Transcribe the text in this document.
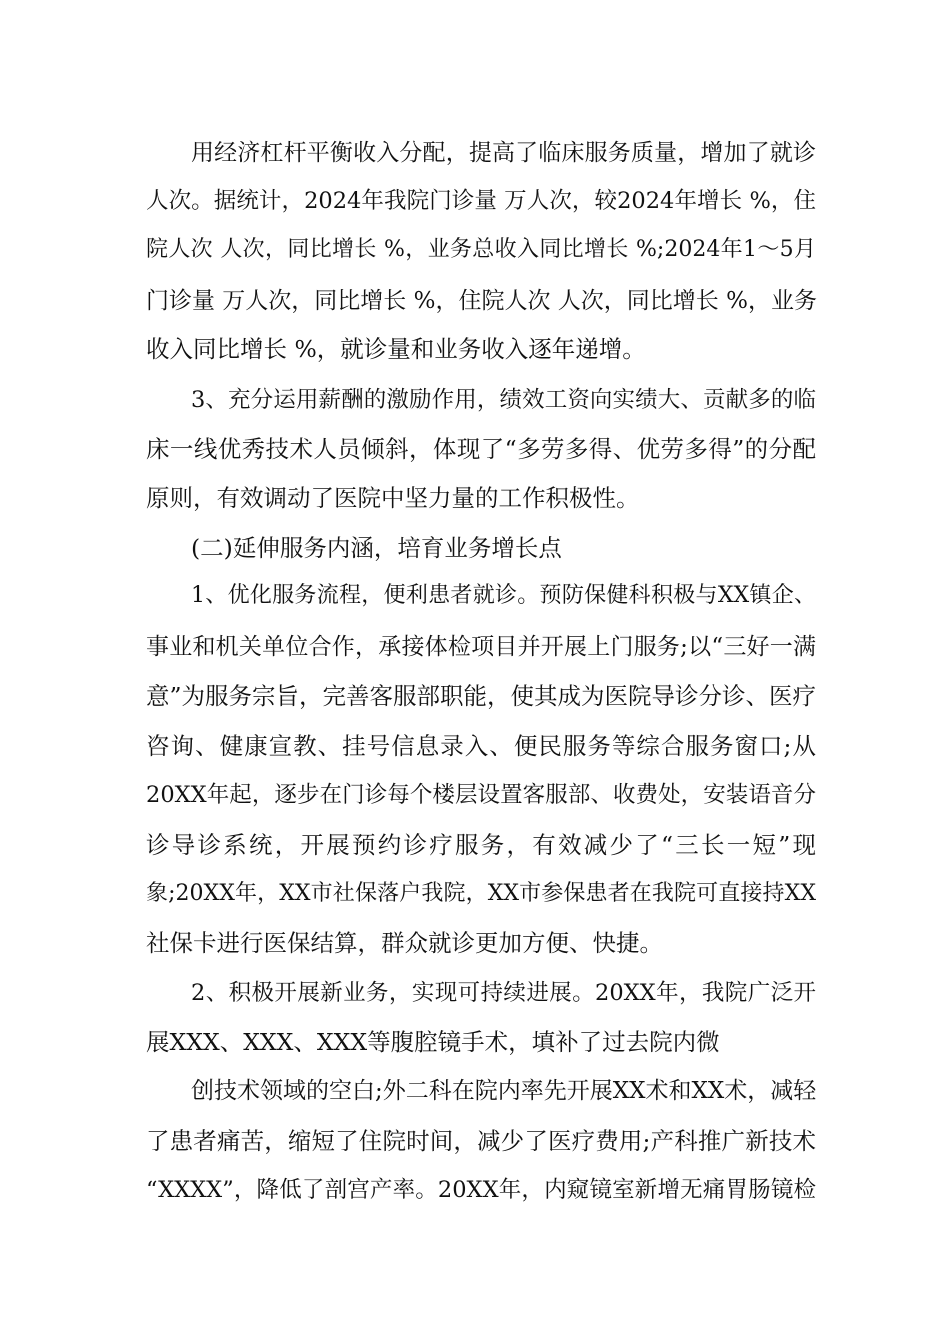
用经济杠杆平衡收入分配，提高了临床服务质量，增加了就诊
人次。据统计，2024年我院门诊量 万人次，较2024年增长 %，住
院人次 人次，同比增长 %，业务总收入同比增长 %;2024年1～5月
门诊量 万人次，同比增长 %，住院人次 人次，同比增长 %，业务
收入同比增长 %，就诊量和业务收入逐年递增。
3、充分运用薪酬的激励作用，绩效工资向实绩大、贡献多的临
床一线优秀技术人员倾斜，体现了“多劳多得、优劳多得”的分配
原则，有效调动了医院中坚力量的工作积极性。
(二)延伸服务内涵，培育业务增长点
1、优化服务流程，便利患者就诊。预防保健科积极与XX镇企、
事业和机关单位合作，承接体检项目并开展上门服务;以“三好一满
意”为服务宗旨，完善客服部职能，使其成为医院导诊分诊、医疗
咨询、健康宣教、挂号信息录入、便民服务等综合服务窗口;从
20XX年起，逐步在门诊每个楼层设置客服部、收费处，安装语音分
诊导诊系统，开展预约诊疗服务，有效减少了“三长一短”现
象;20XX年，XX市社保落户我院，XX市参保患者在我院可直接持XX
社保卡进行医保结算，群众就诊更加方便、快捷。
2、积极开展新业务，实现可持续进展。20XX年，我院广泛开
展XXX、XXX、XXX等腹腔镜手术，填补了过去院内微
创技术领域的空白;外二科在院内率先开展XX术和XX术，减轻
了患者痛苦，缩短了住院时间，减少了医疗费用;产科推广新技术
“XXXX”，降低了剖宫产率。20XX年，内窥镜室新增无痛胃肠镜检
